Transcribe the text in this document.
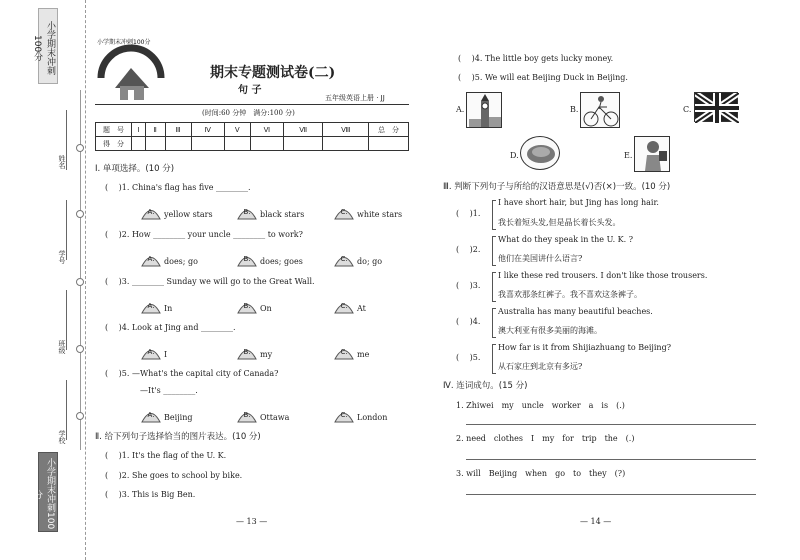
小学期末冲刺100分
小学期末冲刺100分
姓名
学号
班级
学校
小学期末冲刺100分
期末专题测试卷(二)
句 子
五年级英语上册 · JJ
(时间:60 分钟　满分:100 分)
题　号	Ⅰ	Ⅱ	Ⅲ	Ⅳ	Ⅴ	Ⅵ	Ⅶ	Ⅷ	总　分
得　分									
Ⅰ. 单项选择。(10 分)
( 　)1. China's flag has five ________.
A.	yellow stars	B.	black stars	C.	white stars
( 　)2. How ________ your uncle ________ to work?
A.	does; go	B.	does; goes	C.	do; go
( 　)3. ________ Sunday we will go to the Great Wall.
A.	In	B.	On	C.	At
( 　)4. Look at Jing and ________.
A.	I	B.	my	C.	me
( 　)5. —What's the capital city of Canada?
—It's ________.
A.	Beijing	B.	Ottawa	C.	London
Ⅱ. 给下列句子选择恰当的图片表达。(10 分)
( 　)1. It's the flag of the U. K.
( 　)2. She goes to school by bike.
( 　)3. This is Big Ben.
— 13 —
( 　)4. The little boy gets lucky money.
( 　)5. We will eat Beijing Duck in Beijing.
A.	B.	C.
D.	E.
Ⅲ. 判断下列句子与所给的汉语意思是(√)否(×)一致。(10 分)
( 　)1.
I have short hair, but Jing has long hair.
我长着短头发,但是晶长着长头发。
( 　)2.
What do they speak in the U. K. ?
他们在美国讲什么语言?
( 　)3.
I like these red trousers. I don't like those trousers.
我喜欢那条红裤子。我不喜欢这条裤子。
( 　)4.
Australia has many beautiful beaches.
澳大利亚有很多美丽的海滩。
( 　)5.
How far is it from Shijiazhuang to Beijing?
从石家庄到北京有多远?
Ⅳ. 连词成句。(15 分)
1. Zhiwei　my　uncle　worker　a　is　(.)
2. need　clothes　I　my　for　trip　the　(.)
3. will　Beijing　when　go　to　they　(?)
— 14 —
